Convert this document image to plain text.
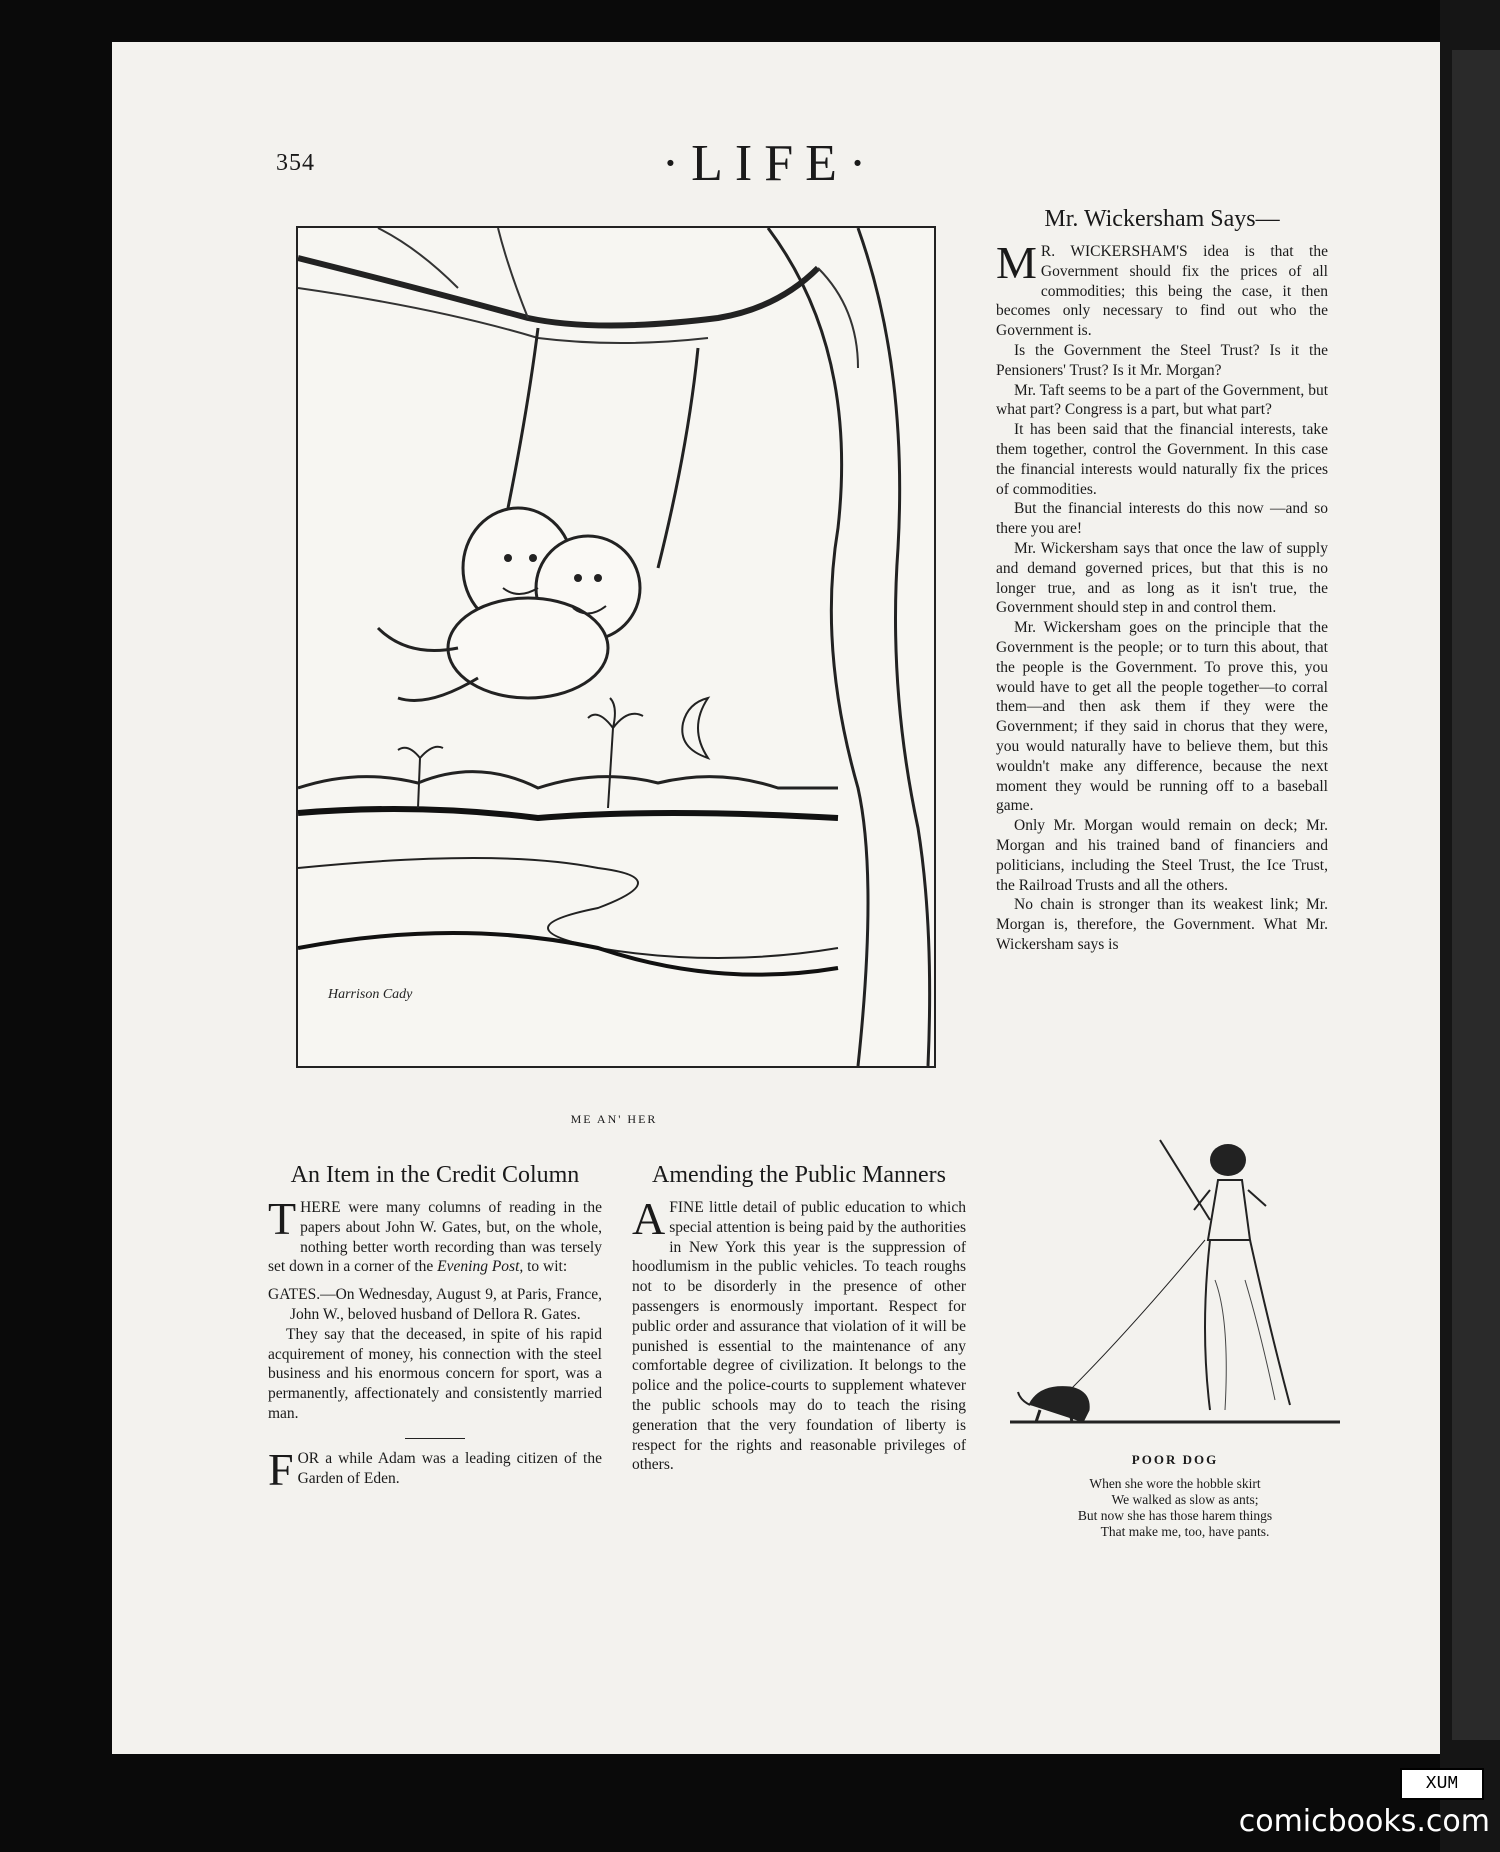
354	·LIFE·
Harrison Cady
ME AN' HER
Mr. Wickersham Says—

M R. WICKERSHAM'S idea is that the Government should fix the prices of all commodities; this being the case, it then becomes only necessary to find out who the Government is.

Is the Government the Steel Trust? Is it the Pensioners' Trust? Is it Mr. Morgan?

Mr. Taft seems to be a part of the Government, but what part? Congress is a part, but what part?

It has been said that the financial interests, take them together, control the Government. In this case the financial interests would naturally fix the prices of commodities.

But the financial interests do this now —and so there you are!

Mr. Wickersham says that once the law of supply and demand governed prices, but that this is no longer true, and as long as it isn't true, the Government should step in and control them.

Mr. Wickersham goes on the principle that the Government is the people; or to turn this about, that the people is the Government. To prove this, you would have to get all the people together—to corral them—and then ask them if they were the Government; if they said in chorus that they were, you would naturally have to believe them, but this wouldn't make any difference, because the next moment they would be running off to a baseball game.

Only Mr. Morgan would remain on deck; Mr. Morgan and his trained band of financiers and politicians, including the Steel Trust, the Ice Trust, the Railroad Trusts and all the others.

No chain is stronger than its weakest link; Mr. Morgan is, therefore, the Government. What Mr. Wickersham says is

An Item in the Credit Column

THERE were many columns of reading in the papers about John W. Gates, but, on the whole, nothing better worth recording than was tersely set down in a corner of the Evening Post, to wit:

GATES.—On Wednesday, August 9, at Paris, France, John W., beloved husband of Dellora R. Gates.

They say that the deceased, in spite of his rapid acquirement of money, his connection with the steel business and his enormous concern for sport, was a permanently, affectionately and consistently married man.

FOR a while Adam was a leading citizen of the Garden of Eden.

Amending the Public Manners

AFINE little detail of public education to which special attention is being paid by the authorities in New York this year is the suppression of hoodlumism in the public vehicles. To teach roughs not to be disorderly in the presence of other passengers is enormously important. Respect for public order and assurance that violation of it will be punished is essential to the maintenance of any comfortable degree of civilization. It belongs to the police and the police-courts to supplement whatever the public schools may do to teach the rising generation that the very foundation of liberty is respect for the rights and reasonable privileges of others.	POOR DOG
When she wore the hobble skirt
We walked as slow as ants;
But now she has those harem things
That make me, too, have pants.
XUM
comicbooks.com
